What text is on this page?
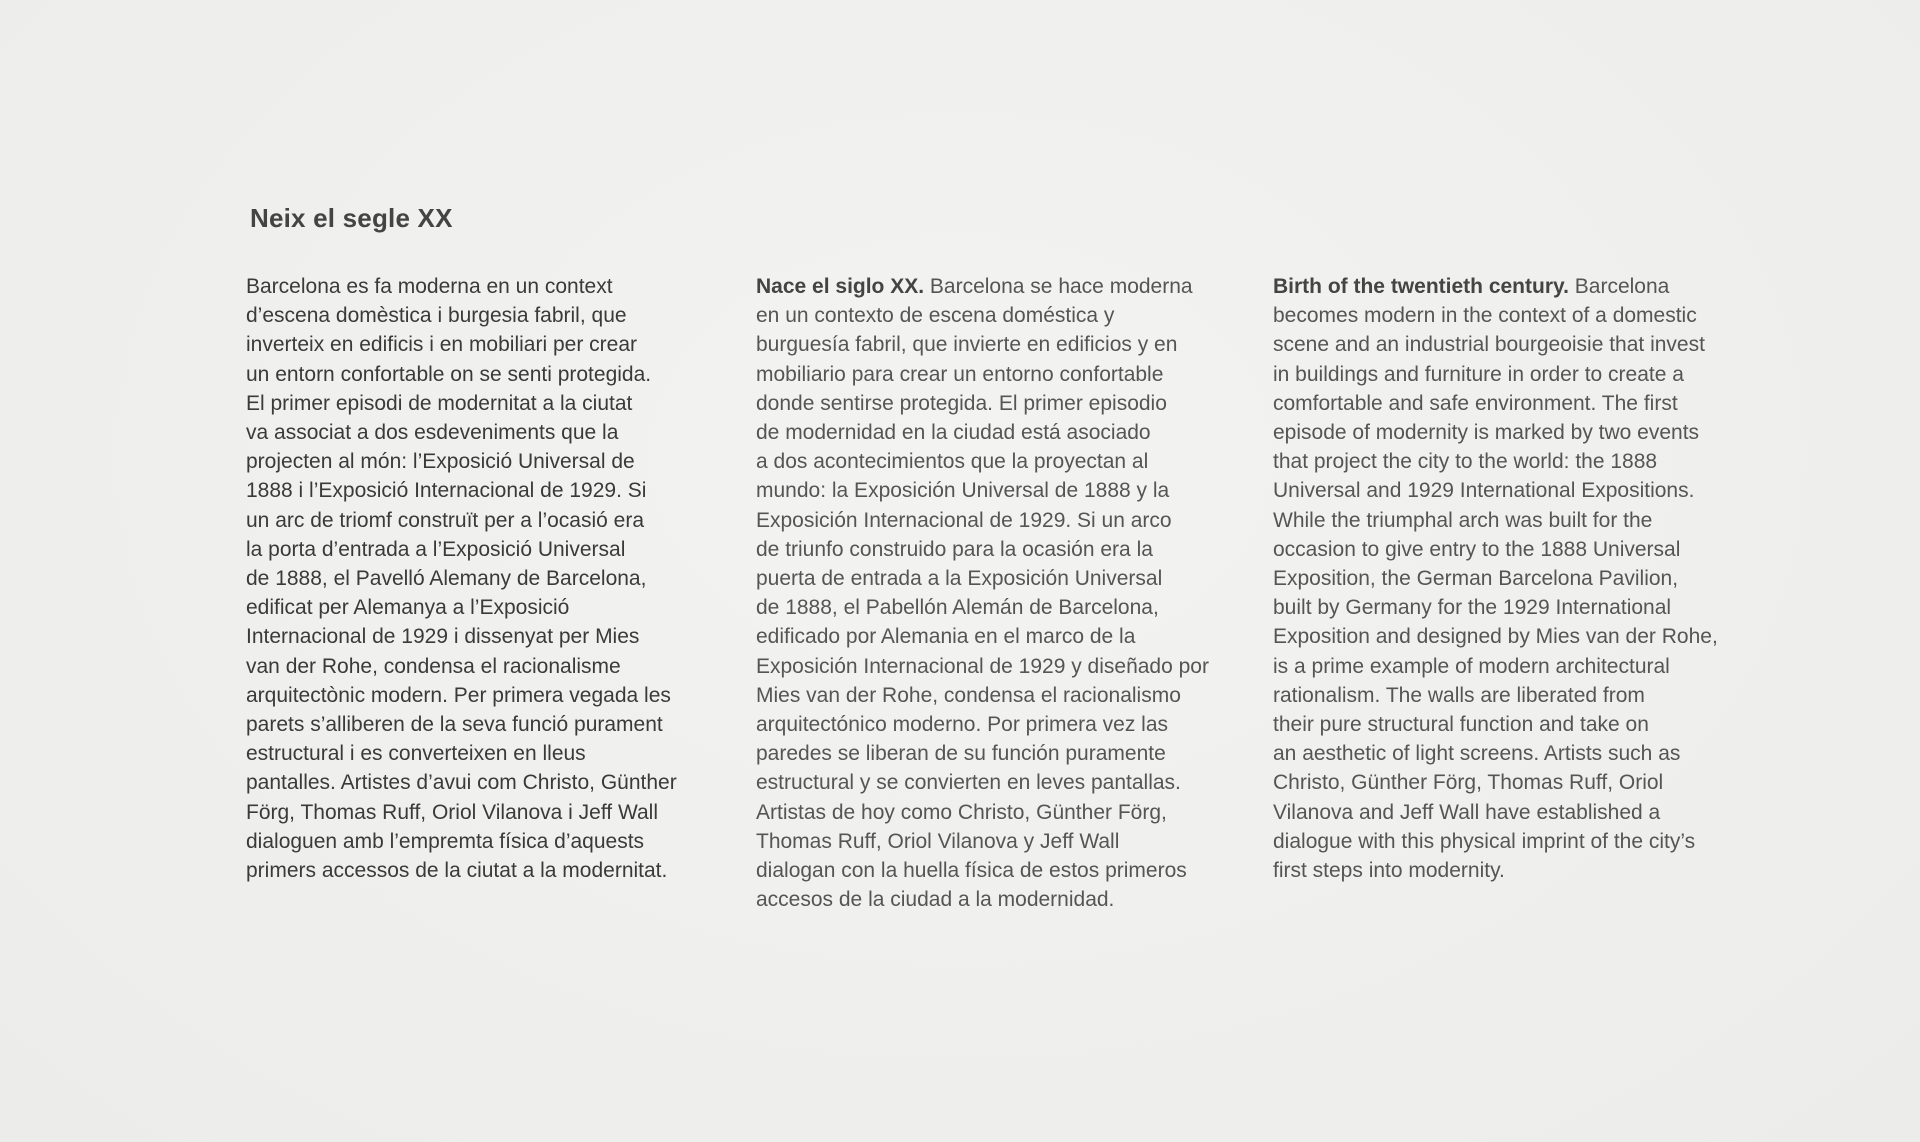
Neix el segle XX

Barcelona es fa moderna en un context
d’escena domèstica i burgesia fabril, que
inverteix en edificis i en mobiliari per crear
un entorn confortable on se senti protegida.
El primer episodi de modernitat a la ciutat
va associat a dos esdeveniments que la
projecten al món: l’Exposició Universal de
1888 i l’Exposició Internacional de 1929. Si
un arc de triomf construït per a l’ocasió era
la porta d’entrada a l’Exposició Universal
de 1888, el Pavelló Alemany de Barcelona,
edificat per Alemanya a l’Exposició
Internacional de 1929 i dissenyat per Mies
van der Rohe, condensa el racionalisme
arquitectònic modern. Per primera vegada les
parets s’alliberen de la seva funció purament
estructural i es converteixen en lleus
pantalles. Artistes d’avui com Christo, Günther
Förg, Thomas Ruff, Oriol Vilanova i Jeff Wall
dialoguen amb l’empremta física d’aquests
primers accessos de la ciutat a la modernitat.

Nace el siglo XX. Barcelona se hace moderna
en un contexto de escena doméstica y
burguesía fabril, que invierte en edificios y en
mobiliario para crear un entorno confortable
donde sentirse protegida. El primer episodio
de modernidad en la ciudad está asociado
a dos acontecimientos que la proyectan al
mundo: la Exposición Universal de 1888 y la
Exposición Internacional de 1929. Si un arco
de triunfo construido para la ocasión era la
puerta de entrada a la Exposición Universal
de 1888, el Pabellón Alemán de Barcelona,
edificado por Alemania en el marco de la
Exposición Internacional de 1929 y diseñado por
Mies van der Rohe, condensa el racionalismo
arquitectónico moderno. Por primera vez las
paredes se liberan de su función puramente
estructural y se convierten en leves pantallas.
Artistas de hoy como Christo, Günther Förg,
Thomas Ruff, Oriol Vilanova y Jeff Wall
dialogan con la huella física de estos primeros
accesos de la ciudad a la modernidad.

Birth of the twentieth century. Barcelona
becomes modern in the context of a domestic
scene and an industrial bourgeoisie that invest
in buildings and furniture in order to create a
comfortable and safe environment. The first
episode of modernity is marked by two events
that project the city to the world: the 1888
Universal and 1929 International Expositions.
While the triumphal arch was built for the
occasion to give entry to the 1888 Universal
Exposition, the German Barcelona Pavilion,
built by Germany for the 1929 International
Exposition and designed by Mies van der Rohe,
is a prime example of modern architectural
rationalism. The walls are liberated from
their pure structural function and take on
an aesthetic of light screens. Artists such as
Christo, Günther Förg, Thomas Ruff, Oriol
Vilanova and Jeff Wall have established a
dialogue with this physical imprint of the city’s
first steps into modernity.
